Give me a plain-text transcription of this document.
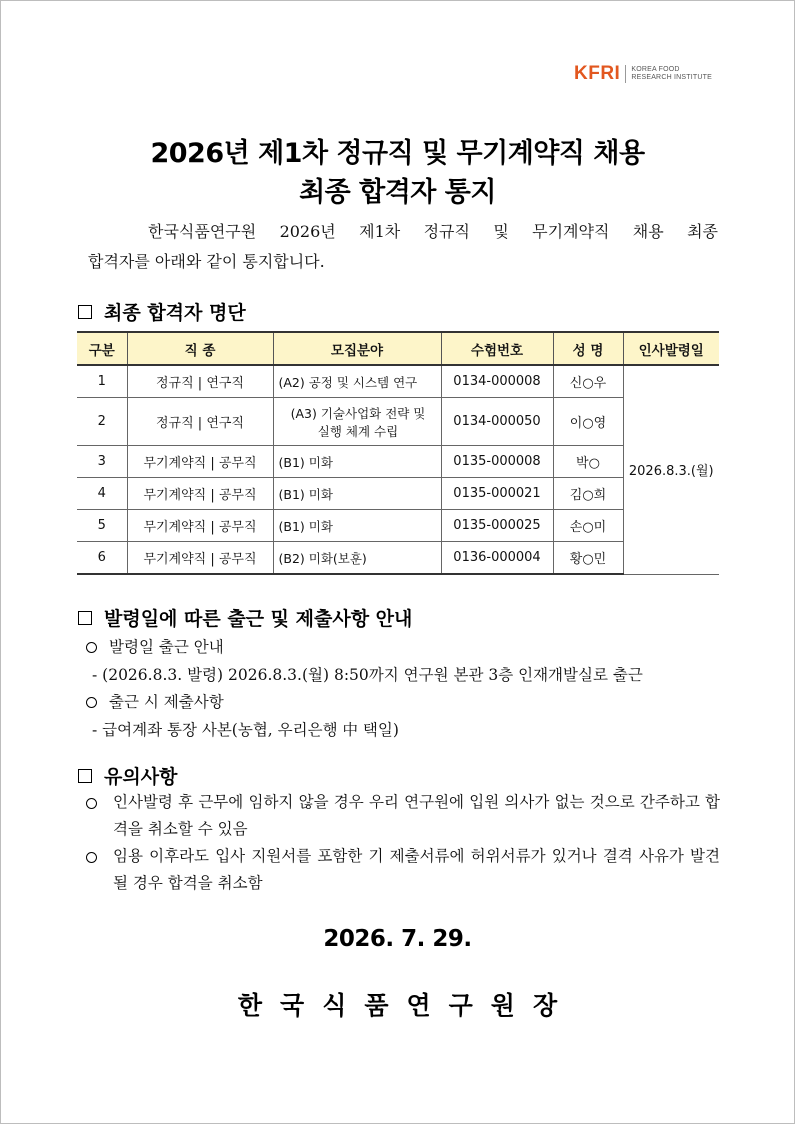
KFRI KOREA FOOD
RESEARCH INSTITUTE
2026년 제1차 정규직 및 무기계약직 채용
최종 합격자 통지
한국식품연구원 2026년 제1차 정규직 및 무기계약직 채용 최종
합격자를 아래와 같이 통지합니다.
최종 합격자 명단
구분	직 종	모집분야	수험번호	성 명	인사발령일
1	정규직 | 연구직	(A2) 공정 및 시스템 연구	0134-000008	신○우	2026.8.3.(월)
2	정규직 | 연구직	(A3) 기술사업화 전략 및
실행 체계 수립	0134-000050	이○영	
3	무기계약직 | 공무직	(B1) 미화	0135-000008	박○	
4	무기계약직 | 공무직	(B1) 미화	0135-000021	김○희	
5	무기계약직 | 공무직	(B1) 미화	0135-000025	손○미	
6	무기계약직 | 공무직	(B2) 미화(보훈)	0136-000004	황○민	
발령일에 따른 출근 및 제출사항 안내
발령일 출근 안내
- (2026.8.3. 발령) 2026.8.3.(월) 8:50까지 연구원 본관 3층 인재개발실로 출근
출근 시 제출사항
- 급여계좌 통장 사본(농협, 우리은행 中 택일)
유의사항
인사발령 후 근무에 임하지 않을 경우 우리 연구원에 입원 의사가 없는 것으로 간주하고 합격을 취소할 수 있음
임용 이후라도 입사 지원서를 포함한 기 제출서류에 허위서류가 있거나 결격 사유가 발견될 경우 합격을 취소함
2026. 7. 29.
한국식품연구원장
